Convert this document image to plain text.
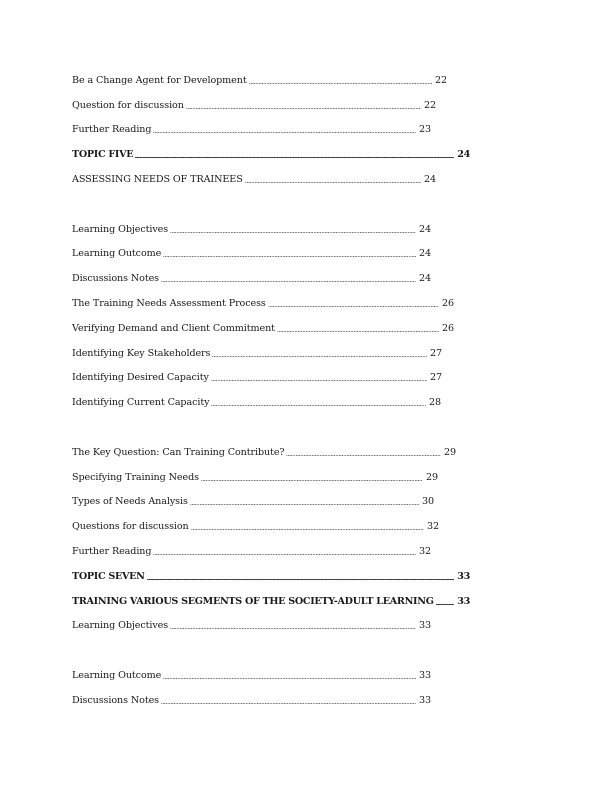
Be a Change Agent for Development	22
Question for discussion	22
Further Reading	23
TOPIC FIVE	24
ASSESSING NEEDS OF TRAINEES	24
Learning Objectives	24
Learning Outcome	24
Discussions Notes	24
The Training Needs Assessment Process	26
Verifying Demand and Client Commitment	26
Identifying Key Stakeholders	27
Identifying Desired Capacity	27
Identifying Current Capacity	28
The Key Question: Can Training Contribute?	29
Specifying Training Needs	29
Types of Needs Analysis	30
Questions for discussion	32
Further Reading	32
TOPIC SEVEN	33
TRAINING VARIOUS SEGMENTS OF THE SOCIETY-ADULT LEARNING 33
Learning Objectives	33
Learning Outcome	33
Discussions Notes	33
